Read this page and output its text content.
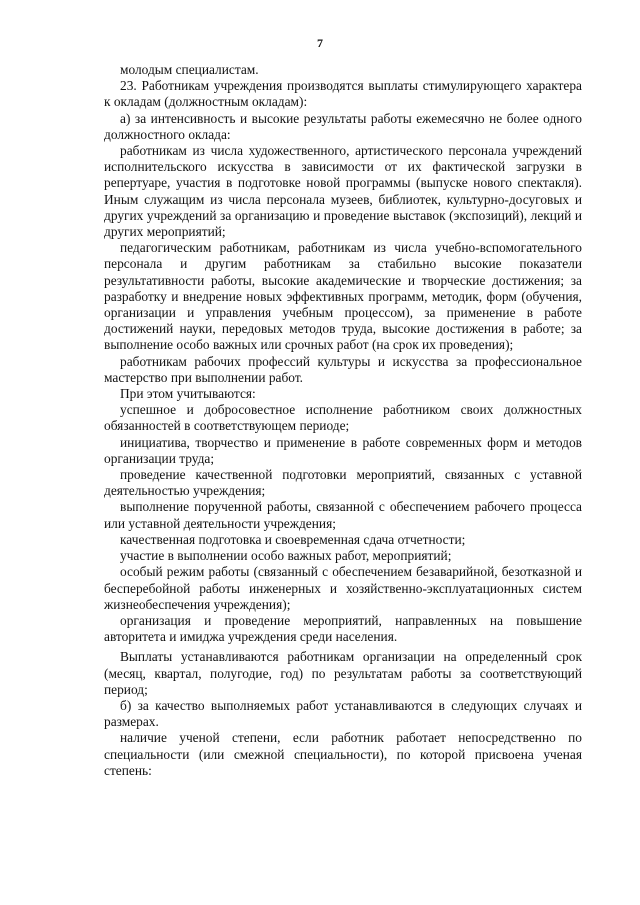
7

молодым специалистам.

23. Работникам учреждения производятся выплаты стимулирующего характера к окладам (должностным окладам):

а) за интенсивность и высокие результаты работы ежемесячно не более одного должностного оклада:

работникам из числа художественного, артистического персонала учреждений исполнительского искусства в зависимости от их фактической загрузки в репертуаре, участия в подготовке новой программы (выпуске нового спектакля). Иным служащим из числа персонала музеев, библиотек, культурно-досуговых и других учреждений за организацию и проведение выставок (экспозиций), лекций и других мероприятий;

педагогическим работникам, работникам из числа учебно-вспомогательного персонала и другим работникам за стабильно высокие показатели результативности работы, высокие академические и творческие достижения; за разработку и внедрение новых эффективных программ, методик, форм (обучения, организации и управления учебным процессом), за применение в работе достижений науки, передовых методов труда, высокие достижения в работе; за выполнение особо важных или срочных работ (на срок их проведения);

работникам рабочих профессий культуры и искусства за профессиональное мастерство при выполнении работ.

При этом учитываются:

успешное и добросовестное исполнение работником своих должностных обязанностей в соответствующем периоде;

инициатива, творчество и применение в работе современных форм и методов организации труда;

проведение качественной подготовки мероприятий, связанных с уставной деятельностью учреждения;

выполнение порученной работы, связанной с обеспечением рабочего процесса или уставной деятельности учреждения;

качественная подготовка и своевременная сдача отчетности;

участие в выполнении особо важных работ, мероприятий;

особый режим работы (связанный с обеспечением безаварийной, безотказной и бесперебойной работы инженерных и хозяйственно-эксплуатационных систем жизнеобеспечения учреждения);

организация и проведение мероприятий, направленных на повышение авторитета и имиджа учреждения среди населения.

Выплаты устанавливаются работникам организации на определенный срок (месяц, квартал, полугодие, год) по результатам работы за соответствующий период;

б) за качество выполняемых работ устанавливаются в следующих случаях и размерах.

наличие ученой степени, если работник работает непосредственно по специальности (или смежной специальности), по которой присвоена ученая степень:
